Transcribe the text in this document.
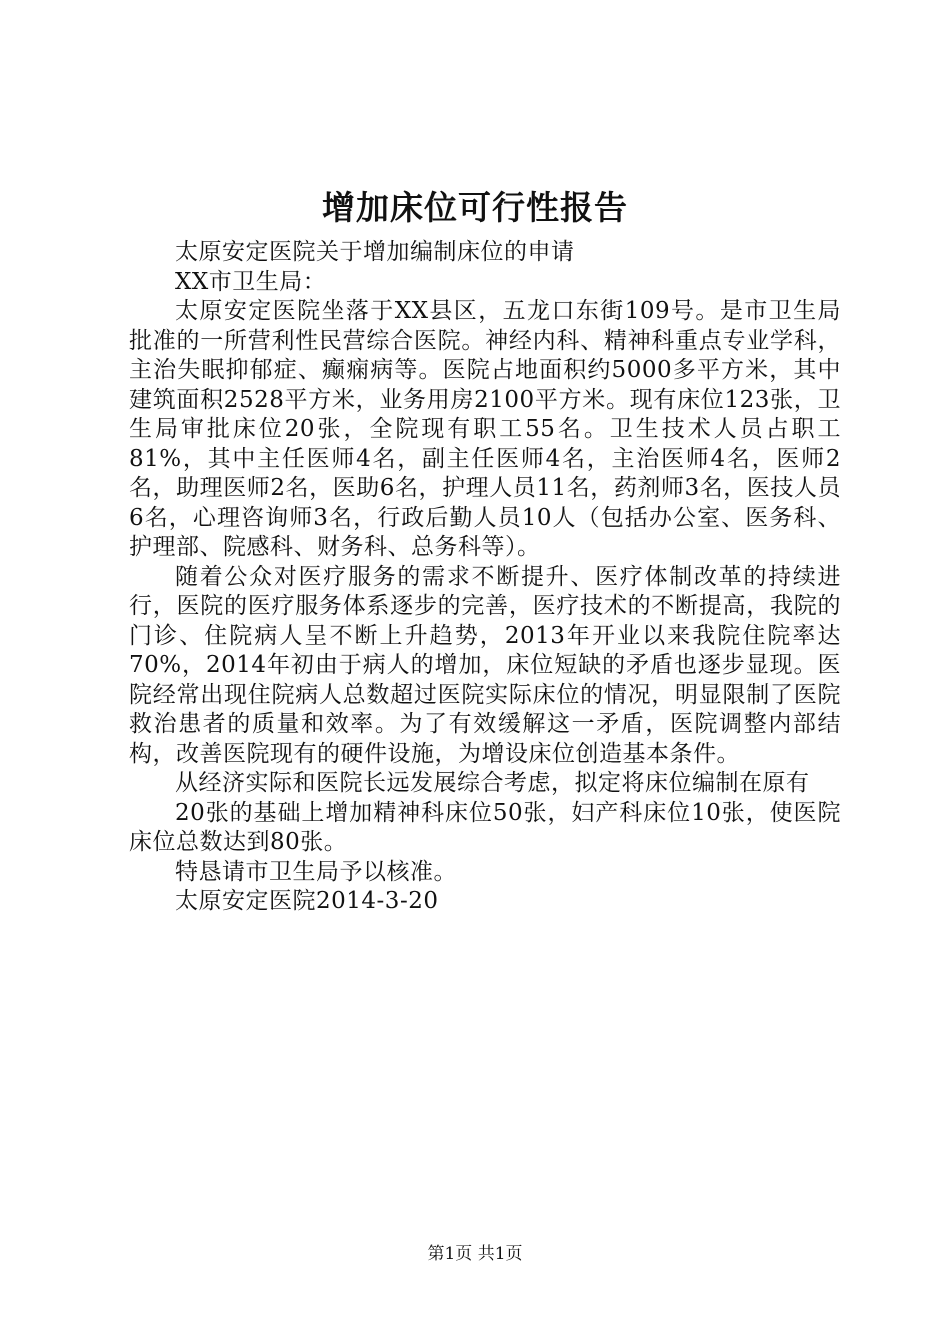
增加床位可行性报告

太原安定医院关于增加编制床位的申请

XX市卫生局：

太原安定医院坐落于XX县区，五龙口东街109号。是市卫生局批准的一所营利性民营综合医院。神经内科、精神科重点专业学科，主治失眠抑郁症、癫痫病等。医院占地面积约5000多平方米，其中建筑面积2528平方米，业务用房2100平方米。现有床位123张，卫生局审批床位20张，全院现有职工55名。卫生技术人员占职工81%，其中主任医师4名，副主任医师4名，主治医师4名，医师2名，助理医师2名，医助6名，护理人员11名，药剂师3名，医技人员6名，心理咨询师3名，行政后勤人员10人（包括办公室、医务科、护理部、院感科、财务科、总务科等）。

随着公众对医疗服务的需求不断提升、医疗体制改革的持续进行，医院的医疗服务体系逐步的完善，医疗技术的不断提高，我院的门诊、住院病人呈不断上升趋势，2013年开业以来我院住院率达70%，2014年初由于病人的增加，床位短缺的矛盾也逐步显现。医院经常出现住院病人总数超过医院实际床位的情况，明显限制了医院救治患者的质量和效率。为了有效缓解这一矛盾，医院调整内部结构，改善医院现有的硬件设施，为增设床位创造基本条件。

从经济实际和医院长远发展综合考虑，拟定将床位编制在原有

20张的基础上增加精神科床位50张，妇产科床位10张，使医院床位总数达到80张。

特恳请市卫生局予以核准。

太原安定医院2014-3-20

第1页 共1页
